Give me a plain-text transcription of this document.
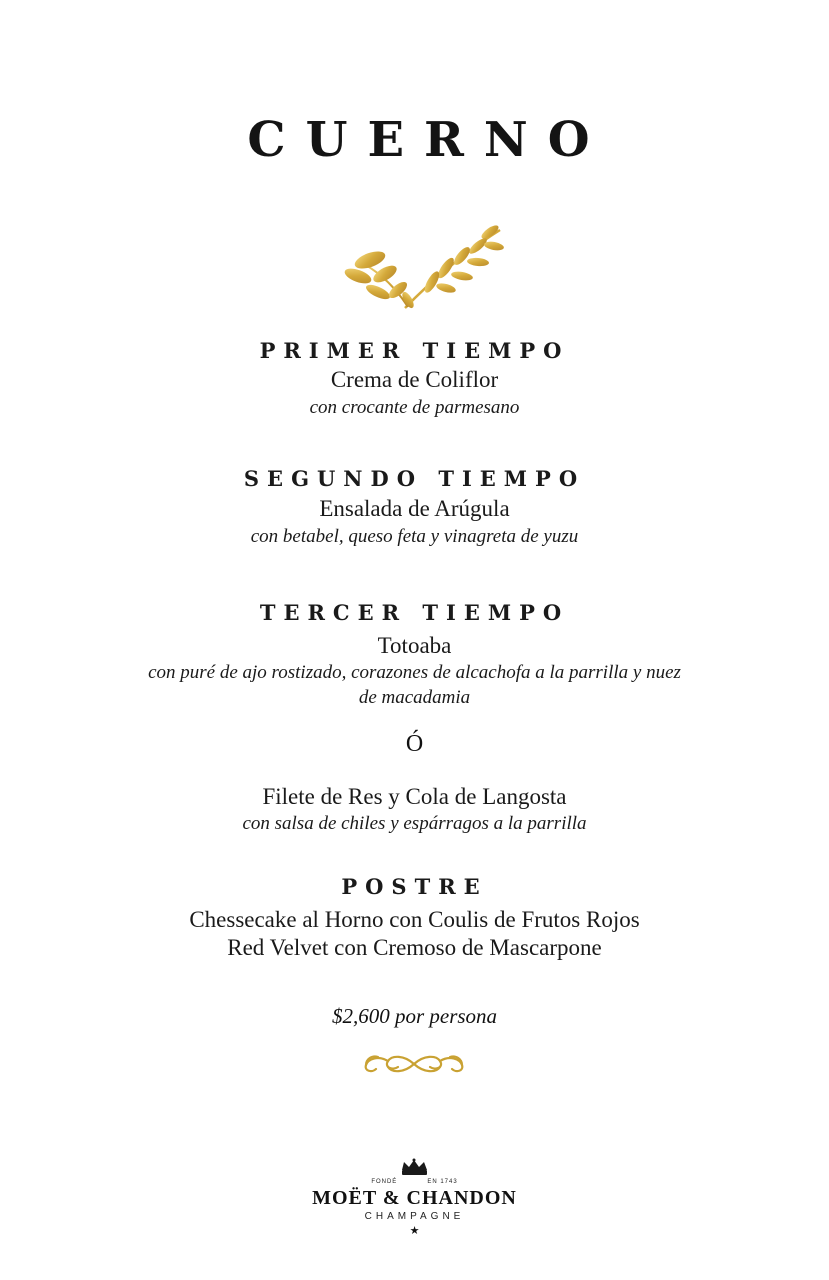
CUERNO
PRIMER TIEMPO
Crema de Coliflor
con crocante de parmesano
SEGUNDO TIEMPO
Ensalada de Arúgula
con betabel, queso feta y vinagreta de yuzu
TERCER TIEMPO
Totoaba
con puré de ajo rostizado, corazones de alcachofa a la parrilla y nuez
de macadamia
Ó
Filete de Res y Cola de Langosta
con salsa de chiles y espárragos a la parrilla
POSTRE
Chessecake al Horno con Coulis de Frutos Rojos
Red Velvet con Cremoso de Mascarpone
$2,600 por persona
FONDÉ	EN 1743
MOËT & CHANDON
CHAMPAGNE
★
